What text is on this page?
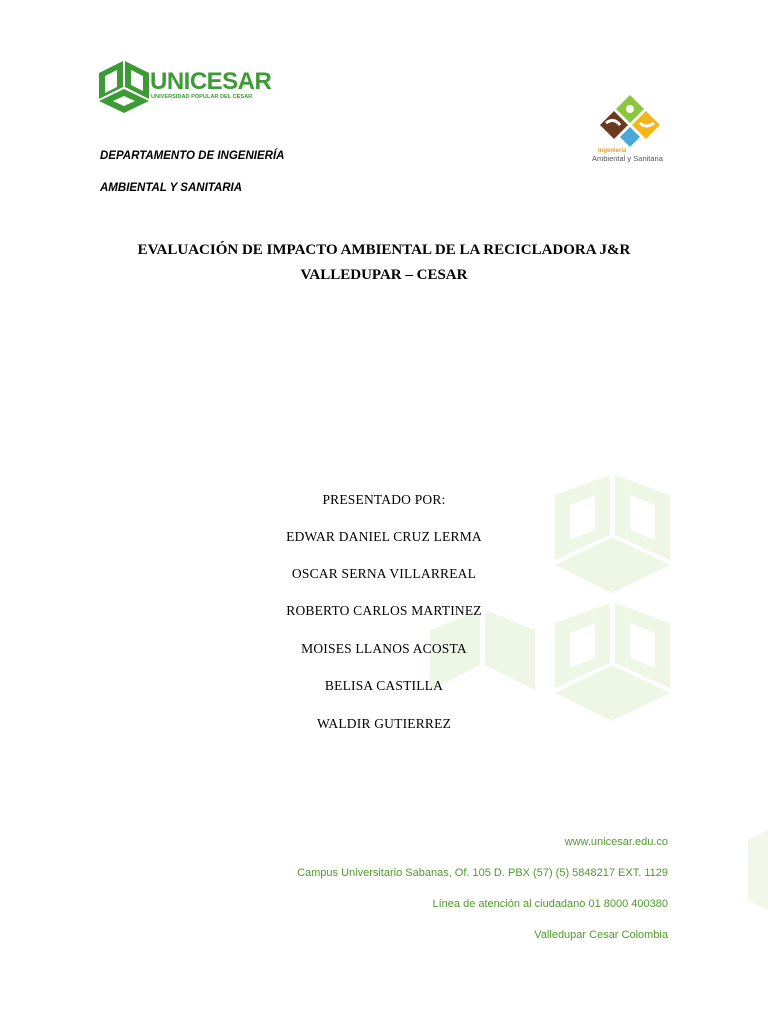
UNICESAR
UNIVERSIDAD POPULAR DEL CESAR
Ingeniería
Ambiental y Sanitaria
DEPARTAMENTO DE INGENIERÍA
AMBIENTAL Y SANITARIA
EVALUACIÓN DE IMPACTO AMBIENTAL DE LA RECICLADORA J&R
VALLEDUPAR – CESAR
PRESENTADO POR:
EDWAR DANIEL CRUZ LERMA
OSCAR SERNA VILLARREAL
ROBERTO CARLOS MARTINEZ
MOISES LLANOS ACOSTA
BELISA CASTILLA
WALDIR GUTIERREZ
www.unicesar.edu.co
Campus Universitario Sabanas, Of. 105 D. PBX (57) (5) 5848217 EXT. 1129
Línea de atención al ciudadano 01 8000 400380
Valledupar Cesar Colombia
